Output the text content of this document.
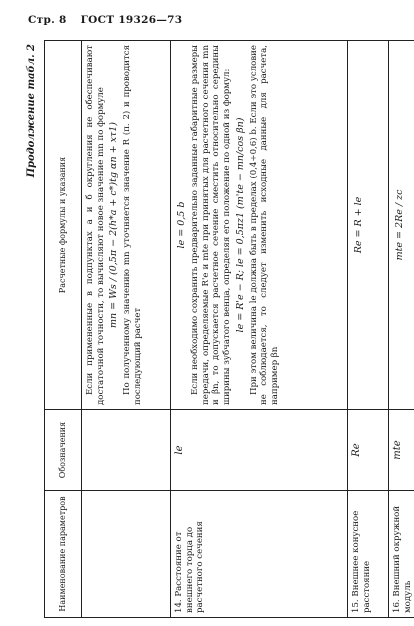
Стр. 8 ГОСТ 19326—73
Продолжение табл. 2
Наименование параметров	Обозначения	Расчетные формулы и указания

		Если примененные в подпунктах а и б округления не обеспечивают достаточной точности, то вычисляют новое значение mn по формуле mn = Ws / (0,5π − 2(h*a + c*)tg αn + xτ1) По полученному значению mn уточняется значение R (п. 2) и проводится последующий расчет

14. Расстояние от внешнего торца до расчетного сечения	le	le = 0,5 b Если необходимо сохранить предварительно заданные габаритные размеры передачи, определяемые R'e и mte при принятых для расчетного сечения mn и βn, то допускается расчетное сечение сместить относительно середины ширины зубчатого венца, определяя его положение по одной из формул: le = R'e − R; le = 0,5πz1 (m'te − mn/cos βn) При этом величина le должна быть в пределах (0,4÷0,6) b. Если это условие не соблюдается, то следует изменить исходные данные для расчета, например βn

15. Внешнее конусное расстояние	Re	Re = R + le

16. Внешний окружной модуль	mte	mte = 2Re / zc
